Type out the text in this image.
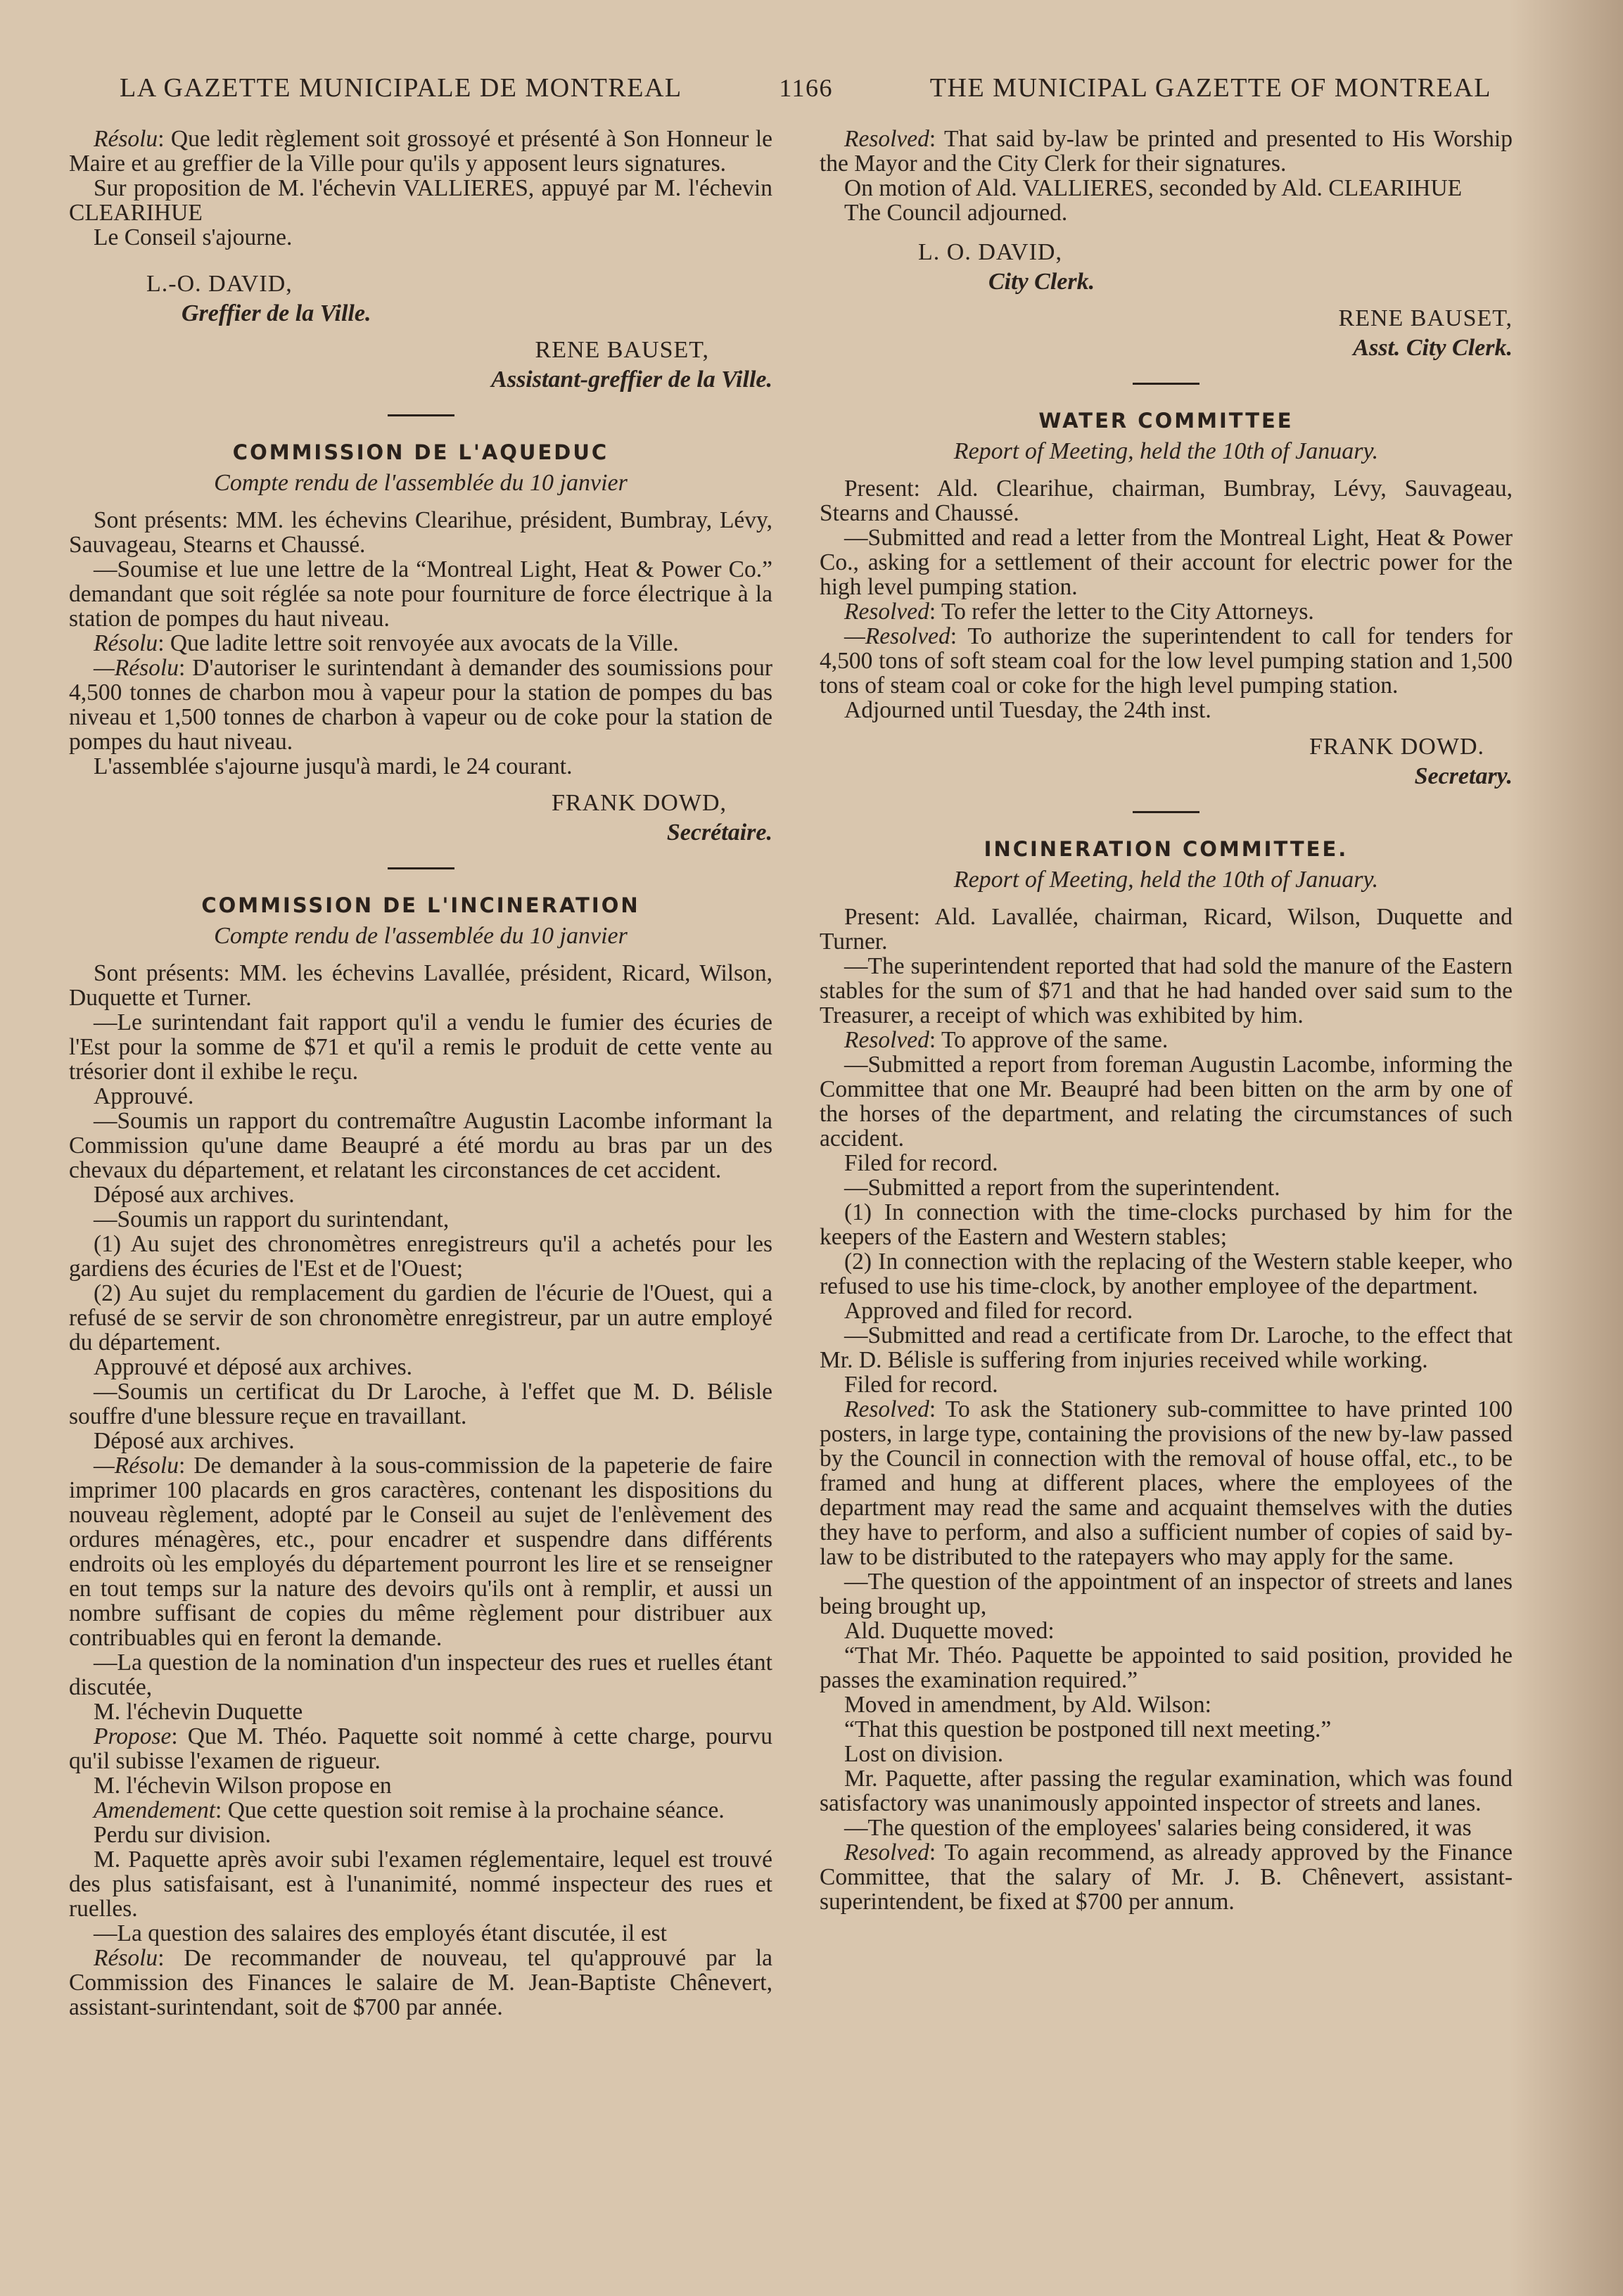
LA GAZETTE MUNICIPALE DE MONTREAL	1166	THE MUNICIPAL GAZETTE OF MONTREAL

Résolu: Que ledit règlement soit grossoyé et présenté à Son Honneur le Maire et au greffier de la Ville pour qu'ils y apposent leurs signatures.

Sur proposition de M. l'échevin VALLIERES, appuyé par M. l'échevin CLEARIHUE

Le Conseil s'ajourne.

L.-O. DAVID,
Greffier de la Ville.
RENE BAUSET,
Assistant-greffier de la Ville.
COMMISSION DE L'AQUEDUC
Compte rendu de l'assemblée du 10 janvier

Sont présents: MM. les échevins Clearihue, président, Bumbray, Lévy, Sauvageau, Stearns et Chaussé.

—Soumise et lue une lettre de la “Montreal Light, Heat & Power Co.” demandant que soit réglée sa note pour fourniture de force électrique à la station de pompes du haut niveau.

Résolu: Que ladite lettre soit renvoyée aux avocats de la Ville.

—Résolu: D'autoriser le surintendant à demander des soumissions pour 4,500 tonnes de charbon mou à vapeur pour la station de pompes du bas niveau et 1,500 tonnes de charbon à vapeur ou de coke pour la station de pompes du haut niveau.

L'assemblée s'ajourne jusqu'à mardi, le 24 courant.

FRANK DOWD,
Secrétaire.
COMMISSION DE L'INCINERATION
Compte rendu de l'assemblée du 10 janvier

Sont présents: MM. les échevins Lavallée, président, Ricard, Wilson, Duquette et Turner.

—Le surintendant fait rapport qu'il a vendu le fumier des écuries de l'Est pour la somme de $71 et qu'il a remis le produit de cette vente au trésorier dont il exhibe le reçu.

Approuvé.

—Soumis un rapport du contremaître Augustin Lacombe informant la Commission qu'une dame Beaupré a été mordu au bras par un des chevaux du département, et relatant les circonstances de cet accident.

Déposé aux archives.

—Soumis un rapport du surintendant,

(1) Au sujet des chronomètres enregistreurs qu'il a achetés pour les gardiens des écuries de l'Est et de l'Ouest;

(2) Au sujet du remplacement du gardien de l'écurie de l'Ouest, qui a refusé de se servir de son chronomètre enregistreur, par un autre employé du département.

Approuvé et déposé aux archives.

—Soumis un certificat du Dr Laroche, à l'effet que M. D. Bélisle souffre d'une blessure reçue en travaillant.

Déposé aux archives.

—Résolu: De demander à la sous-commission de la papeterie de faire imprimer 100 placards en gros caractères, contenant les dispositions du nouveau règlement, adopté par le Conseil au sujet de l'enlèvement des ordures ménagères, etc., pour encadrer et suspendre dans différents endroits où les employés du département pourront les lire et se renseigner en tout temps sur la nature des devoirs qu'ils ont à remplir, et aussi un nombre suffisant de copies du même règlement pour distribuer aux contribuables qui en feront la demande.

—La question de la nomination d'un inspecteur des rues et ruelles étant discutée,

M. l'échevin Duquette

Propose: Que M. Théo. Paquette soit nommé à cette charge, pourvu qu'il subisse l'examen de rigueur.

M. l'échevin Wilson propose en

Amendement: Que cette question soit remise à la prochaine séance.

Perdu sur division.

M. Paquette après avoir subi l'examen réglementaire, lequel est trouvé des plus satisfaisant, est à l'unanimité, nommé inspecteur des rues et ruelles.

—La question des salaires des employés étant discutée, il est

Résolu: De recommander de nouveau, tel qu'approuvé par la Commission des Finances le salaire de M. Jean-Baptiste Chênevert, assistant-surintendant, soit de $700 par année.

Resolved: That said by-law be printed and presented to His Worship the Mayor and the City Clerk for their signatures.

On motion of Ald. VALLIERES, seconded by Ald. CLEARIHUE

The Council adjourned.

L. O. DAVID,
City Clerk.
RENE BAUSET,
Asst. City Clerk.
WATER COMMITTEE
Report of Meeting, held the 10th of January.

Present: Ald. Clearihue, chairman, Bumbray, Lévy, Sauvageau, Stearns and Chaussé.

—Submitted and read a letter from the Montreal Light, Heat & Power Co., asking for a settlement of their account for electric power for the high level pumping station.

Resolved: To refer the letter to the City Attorneys.

—Resolved: To authorize the superintendent to call for tenders for 4,500 tons of soft steam coal for the low level pumping station and 1,500 tons of steam coal or coke for the high level pumping station.

Adjourned until Tuesday, the 24th inst.

FRANK DOWD.
Secretary.
INCINERATION COMMITTEE.
Report of Meeting, held the 10th of January.

Present: Ald. Lavallée, chairman, Ricard, Wilson, Duquette and Turner.

—The superintendent reported that had sold the manure of the Eastern stables for the sum of $71 and that he had handed over said sum to the Treasurer, a receipt of which was exhibited by him.

Resolved: To approve of the same.

—Submitted a report from foreman Augustin Lacombe, informing the Committee that one Mr. Beaupré had been bitten on the arm by one of the horses of the department, and relating the circumstances of such accident.

Filed for record.

—Submitted a report from the superintendent.

(1) In connection with the time-clocks purchased by him for the keepers of the Eastern and Western stables;

(2) In connection with the replacing of the Western stable keeper, who refused to use his time-clock, by another employee of the department.

Approved and filed for record.

—Submitted and read a certificate from Dr. Laroche, to the effect that Mr. D. Bélisle is suffering from injuries received while working.

Filed for record.

Resolved: To ask the Stationery sub-committee to have printed 100 posters, in large type, containing the provisions of the new by-law passed by the Council in connection with the removal of house offal, etc., to be framed and hung at different places, where the employees of the department may read the same and acquaint themselves with the duties they have to perform, and also a sufficient number of copies of said by-law to be distributed to the ratepayers who may apply for the same.

—The question of the appointment of an inspector of streets and lanes being brought up,

Ald. Duquette moved:

“That Mr. Théo. Paquette be appointed to said position, provided he passes the examination required.”

Moved in amendment, by Ald. Wilson:

“That this question be postponed till next meeting.”

Lost on division.

Mr. Paquette, after passing the regular examination, which was found satisfactory was unanimously appointed inspector of streets and lanes.

—The question of the employees' salaries being considered, it was

Resolved: To again recommend, as already approved by the Finance Committee, that the salary of Mr. J. B. Chênevert, assistant-superintendent, be fixed at $700 per annum.
